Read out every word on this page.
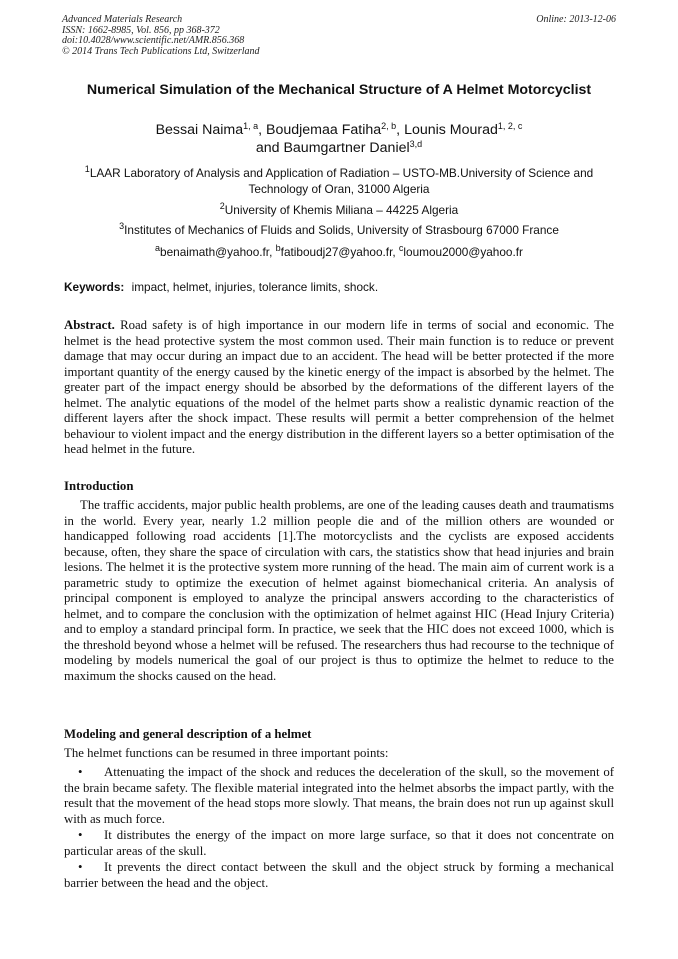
Advanced Materials Research
ISSN: 1662-8985, Vol. 856, pp 368-372
doi:10.4028/www.scientific.net/AMR.856.368
© 2014 Trans Tech Publications Ltd, Switzerland
Online: 2013-12-06
Numerical Simulation of the Mechanical Structure of A Helmet Motorcyclist
Bessai Naima$^{1, a}$, Boudjemaa Fatiha$^{2, b}$, Lounis Mourad$^{1, 2, c}$
and Baumgartner Daniel$^{3,d}$
$^1$LAAR Laboratory of Analysis and Application of Radiation – USTO-MB.University of Science and Technology of Oran, 31000 Algeria
$^2$University of Khemis Miliana – 44225 Algeria
$^3$Institutes of Mechanics of Fluids and Solids, University of Strasbourg 67000 France
$^a$benaimath@yahoo.fr, $^b$fatiboudj27@yahoo.fr, $^c$loumou2000@yahoo.fr
Keywords: impact, helmet, injuries, tolerance limits, shock.
Abstract. Road safety is of high importance in our modern life in terms of social and economic. The helmet is the head protective system the most common used. Their main function is to reduce or prevent damage that may occur during an impact due to an accident. The head will be better protected if the more important quantity of the energy caused by the kinetic energy of the impact is absorbed by the helmet. The greater part of the impact energy should be absorbed by the deformations of the different layers of the helmet. The analytic equations of the model of the helmet parts show a realistic dynamic reaction of the different layers after the shock impact. These results will permit a better comprehension of the helmet behaviour to violent impact and the energy distribution in the different layers so a better optimisation of the head helmet in the future.
Introduction
The traffic accidents, major public health problems, are one of the leading causes death and traumatisms in the world. Every year, nearly 1.2 million people die and of the million others are wounded or handicapped following road accidents [1].The motorcyclists and the cyclists are exposed accidents because, often, they share the space of circulation with cars, the statistics show that head injuries and brain lesions. The helmet it is the protective system more running of the head. The main aim of current work is a parametric study to optimize the execution of helmet against biomechanical criteria. An analysis of principal component is employed to analyze the principal answers according to the characteristics of helmet, and to compare the conclusion with the optimization of helmet against HIC (Head Injury Criteria) and to employ a standard principal form. In practice, we seek that the HIC does not exceed 1000, which is the threshold beyond whose a helmet will be refused. The researchers thus had recourse to the technique of modeling by models numerical the goal of our project is thus to optimize the helmet to reduce to the maximum the shocks caused on the head.
Modeling and general description of a helmet
The helmet functions can be resumed in three important points:
• Attenuating the impact of the shock and reduces the deceleration of the skull, so the movement of the brain became safety. The flexible material integrated into the helmet absorbs the impact partly, with the result that the movement of the head stops more slowly. That means, the brain does not run up against skull with as much force.
• It distributes the energy of the impact on more large surface, so that it does not concentrate on particular areas of the skull.
• It prevents the direct contact between the skull and the object struck by forming a mechanical barrier between the head and the object.
